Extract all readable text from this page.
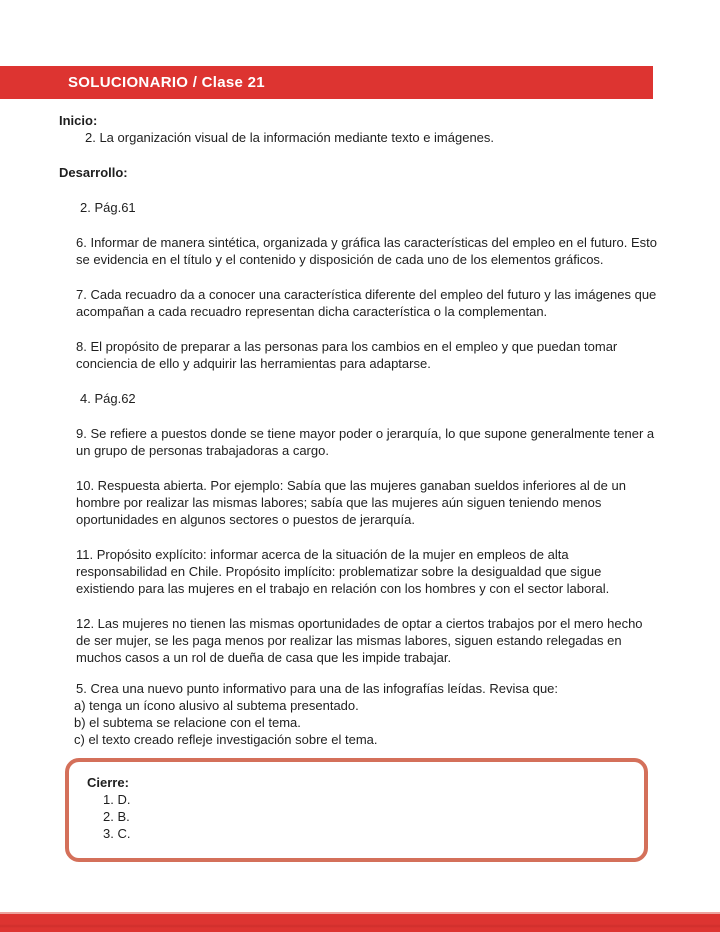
SOLUCIONARIO / Clase 21
Inicio:

2. La organización visual de la información mediante texto e imágenes.

Desarrollo:

2. Pág.61

6. Informar de manera sintética, organizada y gráfica las características del empleo en el futuro. Esto se evidencia en el título y el contenido y disposición de cada uno de los elementos gráficos.

7. Cada recuadro da a conocer una característica diferente del empleo del futuro y las imágenes que acompañan a cada recuadro representan dicha característica o la complementan.

8. El propósito de preparar a las personas para los cambios en el empleo y que puedan tomar conciencia de ello y adquirir las herramientas para adaptarse.

4. Pág.62

9. Se refiere a puestos donde se tiene mayor poder o jerarquía, lo que supone generalmente tener a un grupo de personas trabajadoras a cargo.

10. Respuesta abierta. Por ejemplo: Sabía que las mujeres ganaban sueldos inferiores al de un hombre por realizar las mismas labores; sabía que las mujeres aún siguen teniendo menos oportunidades en algunos sectores o puestos de jerarquía.

11. Propósito explícito: informar acerca de la situación de la mujer en empleos de alta responsabilidad en Chile. Propósito implícito: problematizar sobre la desigualdad que sigue existiendo para las mujeres en el trabajo en relación con los hombres y con el sector laboral.

12. Las mujeres no tienen las mismas oportunidades de optar a ciertos trabajos por el mero hecho de ser mujer, se les paga menos por realizar las mismas labores, siguen estando relegadas en muchos casos a un rol de dueña de casa que les impide trabajar.

5. Crea una nuevo punto informativo para una de las infografías leídas. Revisa que:

a) tenga un ícono alusivo al subtema presentado.

b) el subtema se relacione con el tema.

c) el texto creado refleje investigación sobre el tema.

Cierre:
1. D.
2. B.
3. C.
